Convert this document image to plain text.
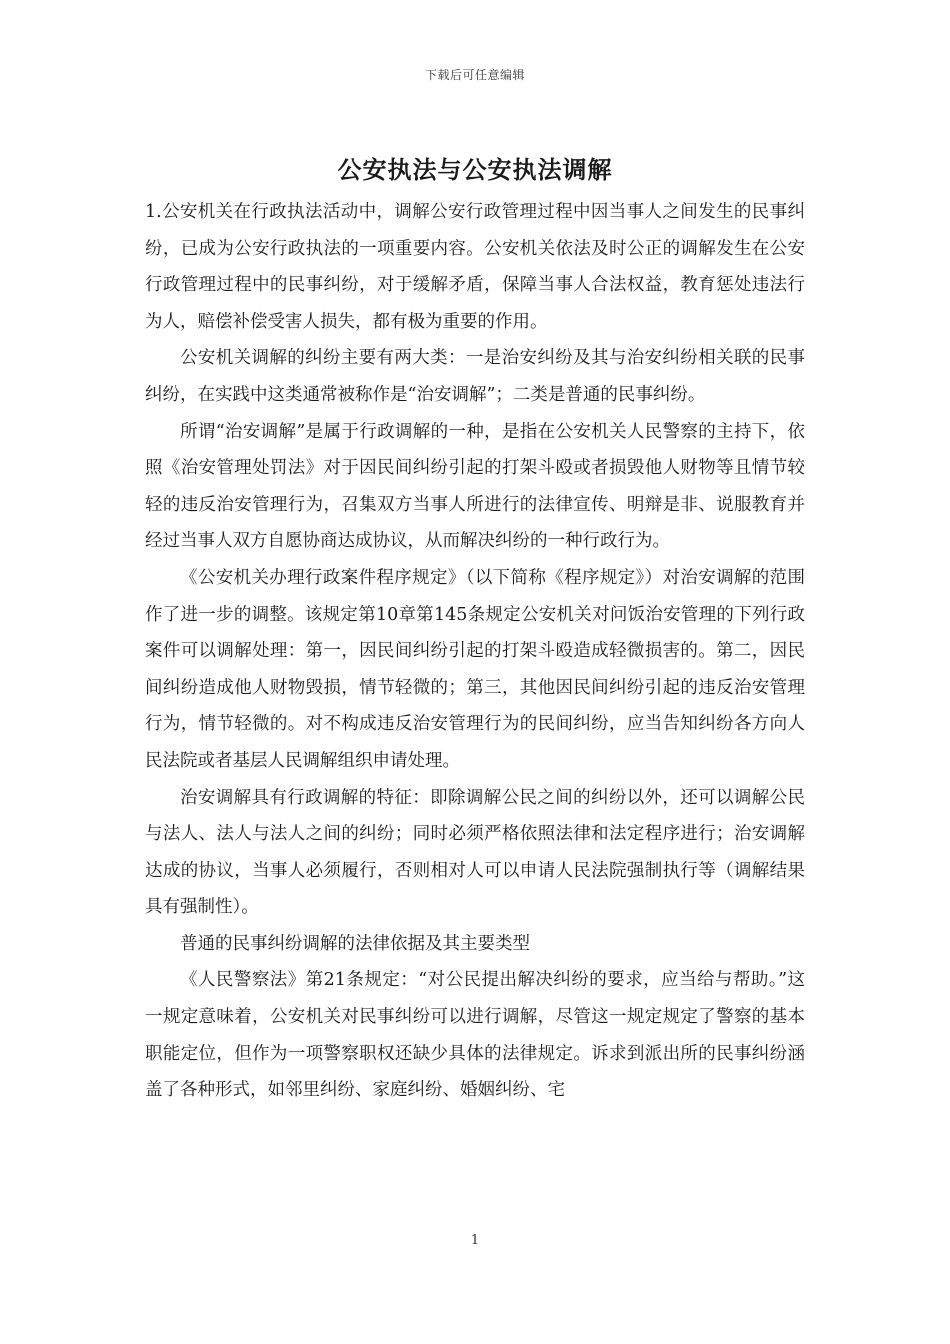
下载后可任意编辑
公安执法与公安执法调解

1.公安机关在行政执法活动中，调解公安行政管理过程中因当事人之间发生的民事纠纷，已成为公安行政执法的一项重要内容。公安机关依法及时公正的调解发生在公安行政管理过程中的民事纠纷，对于缓解矛盾，保障当事人合法权益，教育惩处违法行为人，赔偿补偿受害人损失，都有极为重要的作用。

公安机关调解的纠纷主要有两大类：一是治安纠纷及其与治安纠纷相关联的民事纠纷，在实践中这类通常被称作是“治安调解”；二类是普通的民事纠纷。

所谓“治安调解”是属于行政调解的一种，是指在公安机关人民警察的主持下，依照《治安管理处罚法》对于因民间纠纷引起的打架斗殴或者损毁他人财物等且情节较轻的违反治安管理行为，召集双方当事人所进行的法律宣传、明辩是非、说服教育并经过当事人双方自愿协商达成协议，从而解决纠纷的一种行政行为。

《公安机关办理行政案件程序规定》（以下简称《程序规定》）对治安调解的范围作了进一步的调整。该规定第10章第145条规定公安机关对问饭治安管理的下列行政案件可以调解处理：第一，因民间纠纷引起的打架斗殴造成轻微损害的。第二，因民间纠纷造成他人财物毁损，情节轻微的；第三，其他因民间纠纷引起的违反治安管理行为，情节轻微的。对不构成违反治安管理行为的民间纠纷，应当告知纠纷各方向人民法院或者基层人民调解组织申请处理。

治安调解具有行政调解的特征：即除调解公民之间的纠纷以外，还可以调解公民与法人、法人与法人之间的纠纷；同时必须严格依照法律和法定程序进行；治安调解达成的协议，当事人必须履行，否则相对人可以申请人民法院强制执行等（调解结果具有强制性）。

普通的民事纠纷调解的法律依据及其主要类型

《人民警察法》第21条规定：“对公民提出解决纠纷的要求，应当给与帮助。”这一规定意味着，公安机关对民事纠纷可以进行调解，尽管这一规定规定了警察的基本职能定位，但作为一项警察职权还缺少具体的法律规定。诉求到派出所的民事纠纷涵盖了各种形式，如邻里纠纷、家庭纠纷、婚姻纠纷、宅

1
